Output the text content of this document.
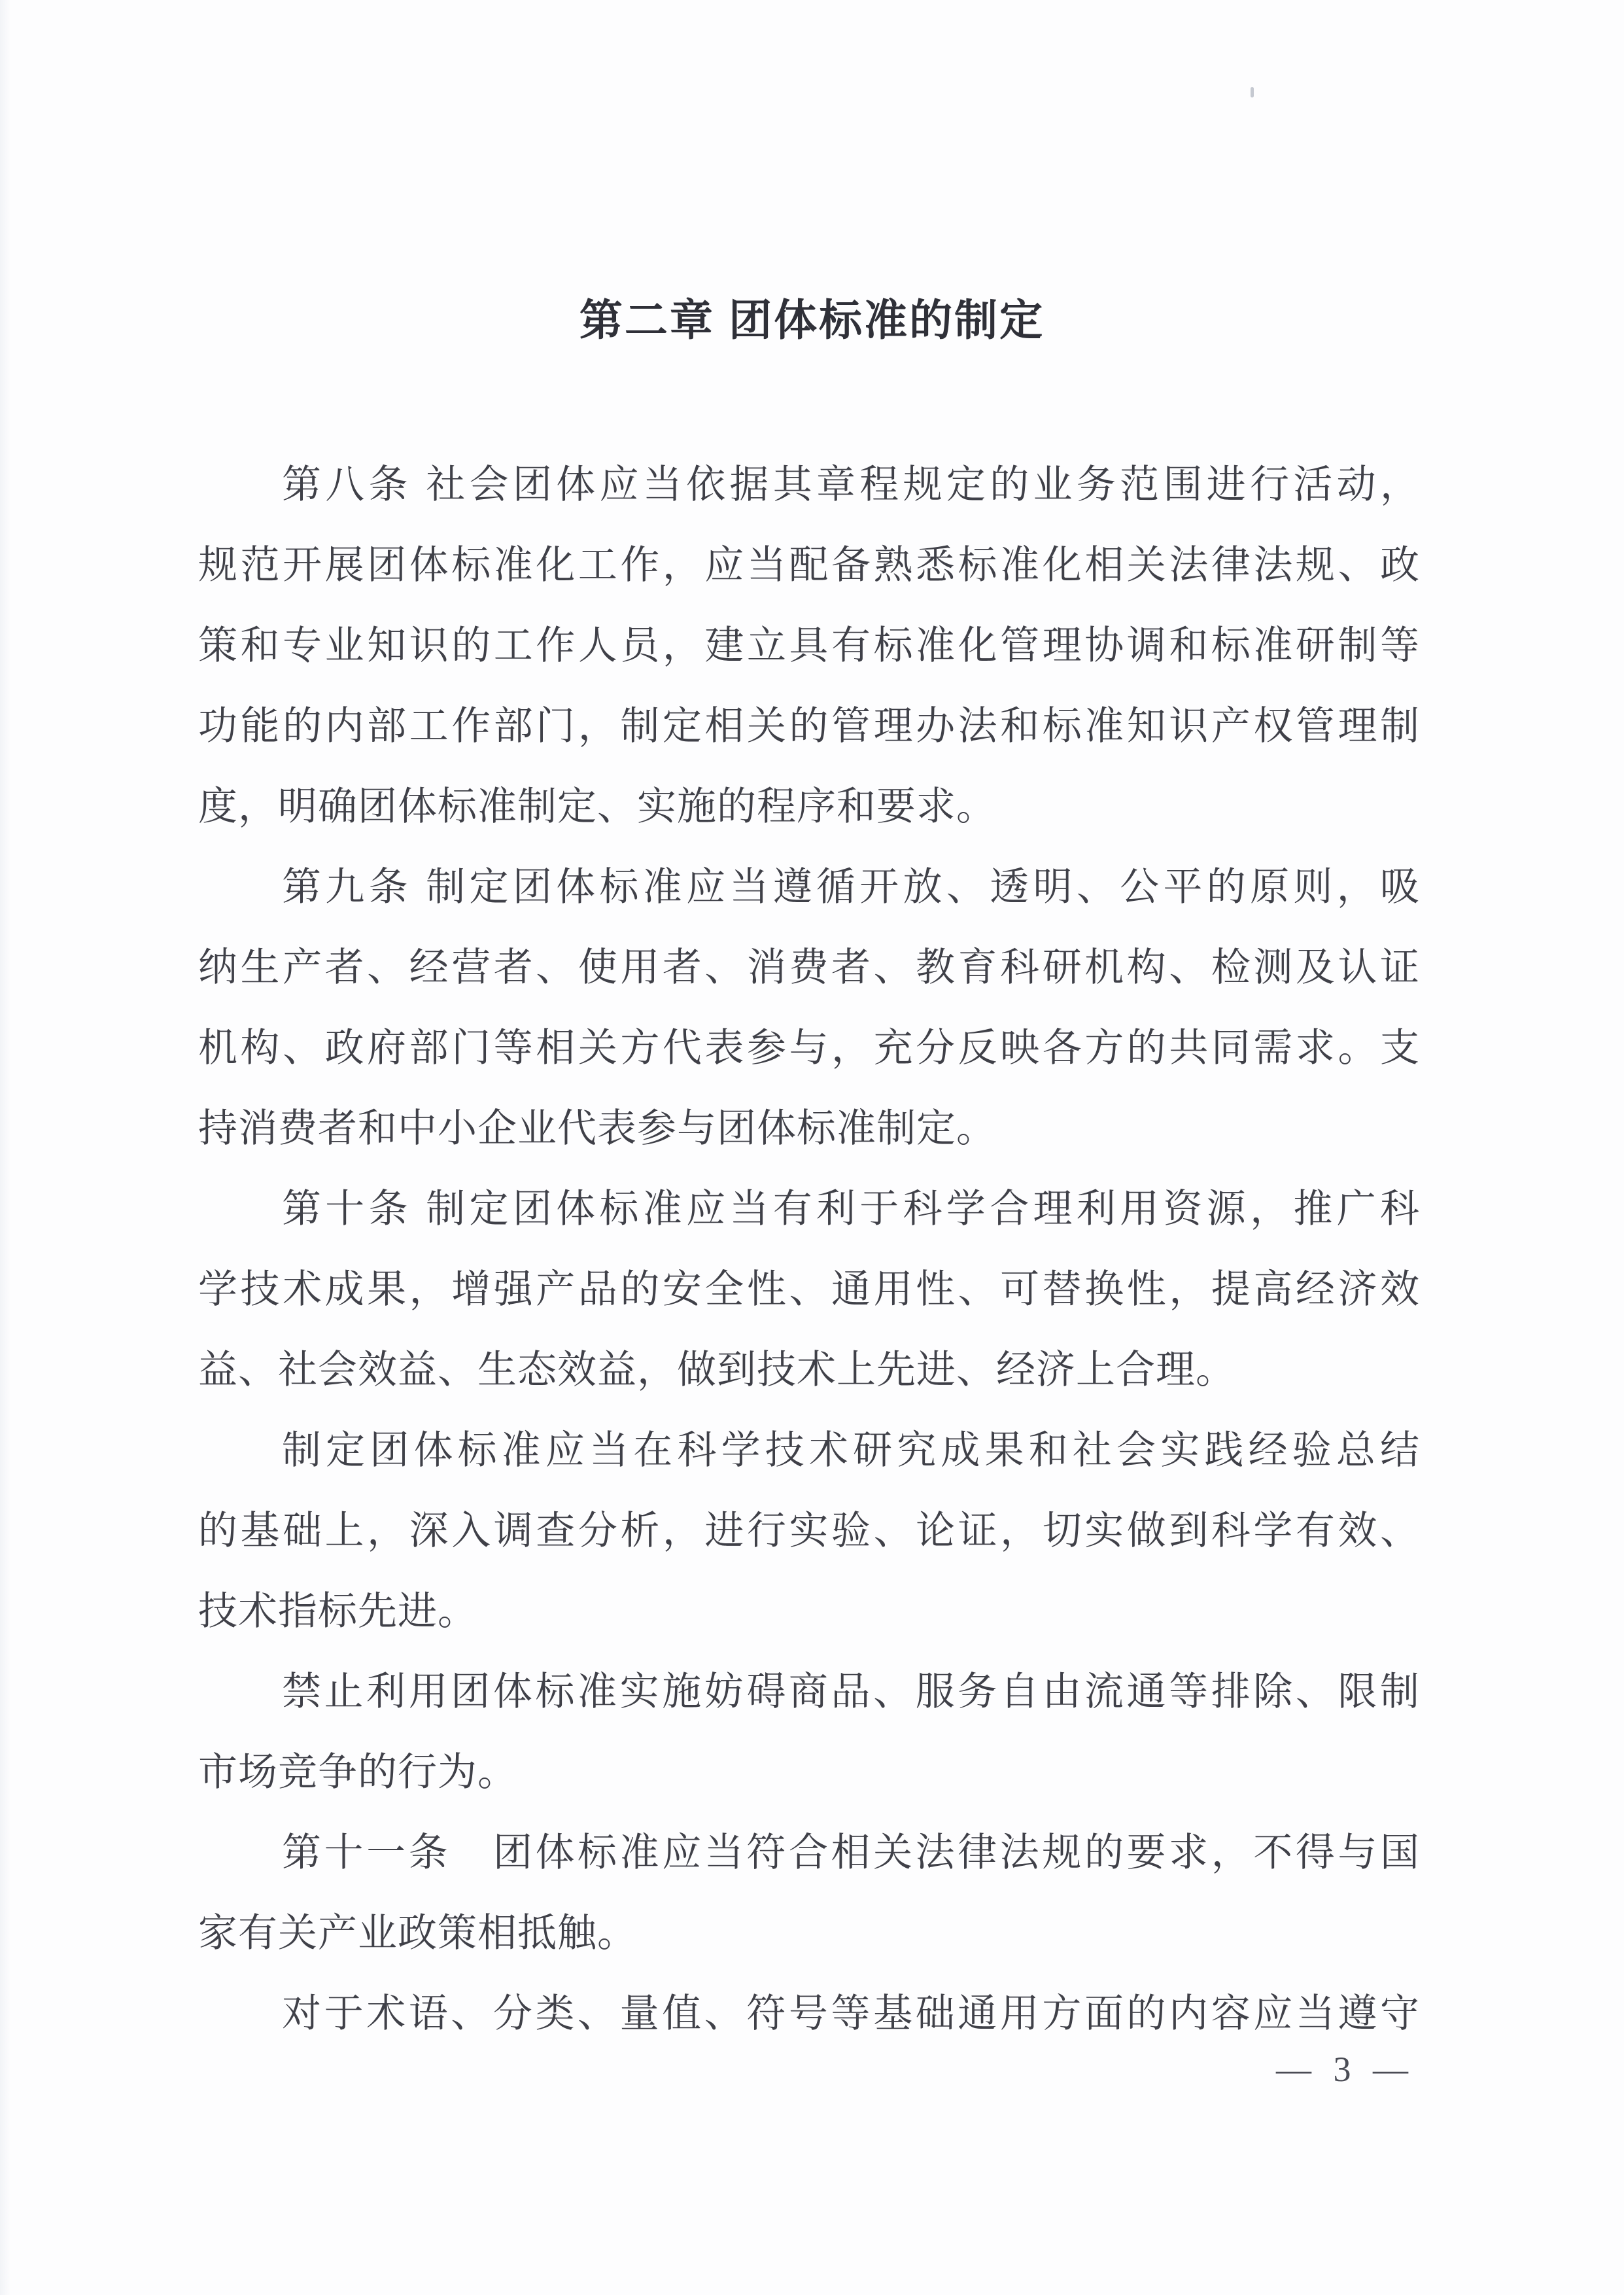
第二章 团体标准的制定
第八条 社会团体应当依据其章程规定的业务范围进行活动，
规范开展团体标准化工作，应当配备熟悉标准化相关法律法规、政
策和专业知识的工作人员，建立具有标准化管理协调和标准研制等
功能的内部工作部门，制定相关的管理办法和标准知识产权管理制
度，明确团体标准制定、实施的程序和要求。
第九条 制定团体标准应当遵循开放、透明、公平的原则，吸
纳生产者、经营者、使用者、消费者、教育科研机构、检测及认证
机构、政府部门等相关方代表参与，充分反映各方的共同需求。支
持消费者和中小企业代表参与团体标准制定。
第十条 制定团体标准应当有利于科学合理利用资源，推广科
学技术成果，增强产品的安全性、通用性、可替换性，提高经济效
益、社会效益、生态效益，做到技术上先进、经济上合理。
制定团体标准应当在科学技术研究成果和社会实践经验总结
的基础上，深入调查分析，进行实验、论证，切实做到科学有效、
技术指标先进。
禁止利用团体标准实施妨碍商品、服务自由流通等排除、限制
市场竞争的行为。
第十一条　团体标准应当符合相关法律法规的要求，不得与国
家有关产业政策相抵触。
对于术语、分类、量值、符号等基础通用方面的内容应当遵守
— 3 —
